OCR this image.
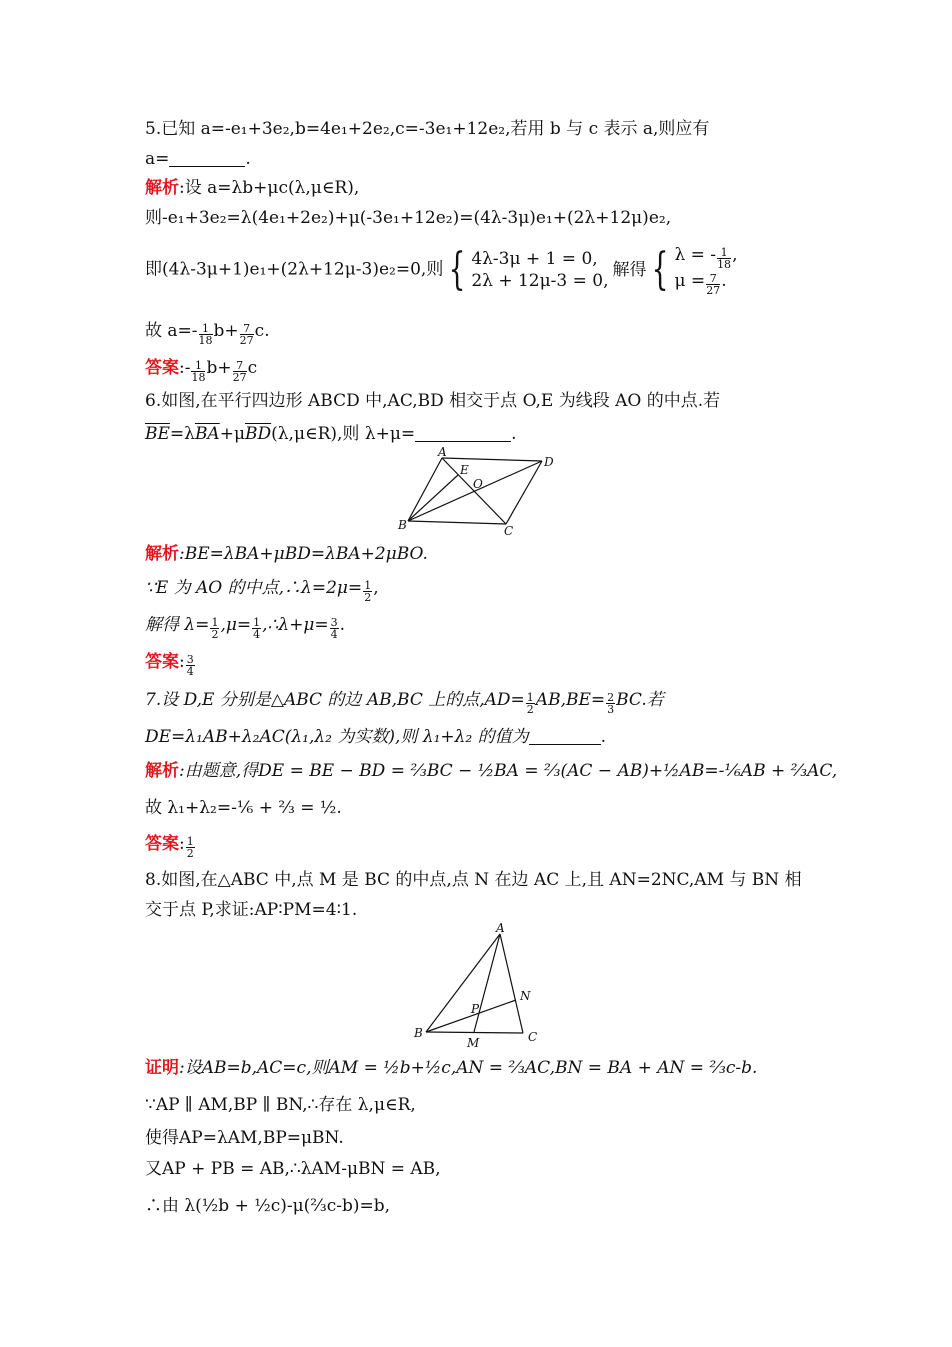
5.已知 a=-e₁+3e₂,b=4e₁+2e₂,c=-3e₁+12e₂,若用 b 与 c 表示 a,则应有
a=	.
解析:设 a=λb+μc(λ,μ∈R),
则-e₁+3e₂=λ(4e₁+2e₂)+μ(-3e₁+12e₂)=(4λ-3μ)e₁+(2λ+12μ)e₂,
即(4λ-3μ+1)e₁+(2λ+12μ-3)e₂=0,则 { 4λ-3μ + 1 = 0,
2λ + 12μ-3 = 0,
解得 { λ = - $\frac{1}{18}$ ,
$\mu = \frac{7}{27}$ .
故 $a=- \frac{1}{18} b+ \frac{7}{27} c$.
答案:- $\frac{1}{18} b+ \frac{7}{27}$ c
6.如图,在平行四边形 ABCD 中,AC,BD 相交于点 O,E 为线段 AO 的中点.若
$\overline{BE}=\lambda\overline{BA}+\mu\overline{BD}(\lambda,\mu\in R)$,则 λ+μ=	.
A
D
B	C
E
O
解析:BE=λBA+μBD=λBA+2μBO.
∵E 为 AO 的中点,∴λ=2μ= $\frac{1}{2}$ ,
解得 $\lambda= \frac{1}{2} ,\mu= \frac{1}{4}$ ,∴λ+μ= $\frac{3}{4}$ .
答案: $\frac{3}{4}$
7.设 D,E 分别是△ABC 的边 AB,BC 上的点$,AD= \frac{1}{2} AB,BE= \frac{2}{3}$ BC.若
DE=λ₁AB+λ₂AC(λ₁,λ₂ 为实数),则 λ₁+λ₂ 的值为	.
解析:由题意,得DE = BE − BD = ⅔BC − ½BA = ⅔(AC − AB)+½AB=-⅙AB + ⅔AC,
故 λ₁+λ₂=-⅙ + ⅔ = ½.
答案: $\frac{1}{2}$
8.如图,在△ABC 中,点 M 是 BC 的中点,点 N 在边 AC 上,且 AN=2NC,AM 与 BN 相
交于点 P,求证:AP∶PM=4∶1.
A
B	C
M
N
P
证明:设AB=b,AC=c,则AM = ½b+½c,AN = ⅔AC,BN = BA + AN = ⅔c-b.
∵AP ∥ AM,BP ∥ BN,∴存在 λ,μ∈R,
使得AP=λAM,BP=μBN.
又AP + PB = AB,∴λAM-μBN = AB,
∴由 λ(½b + ½c)-μ(⅔c-b)=b,
